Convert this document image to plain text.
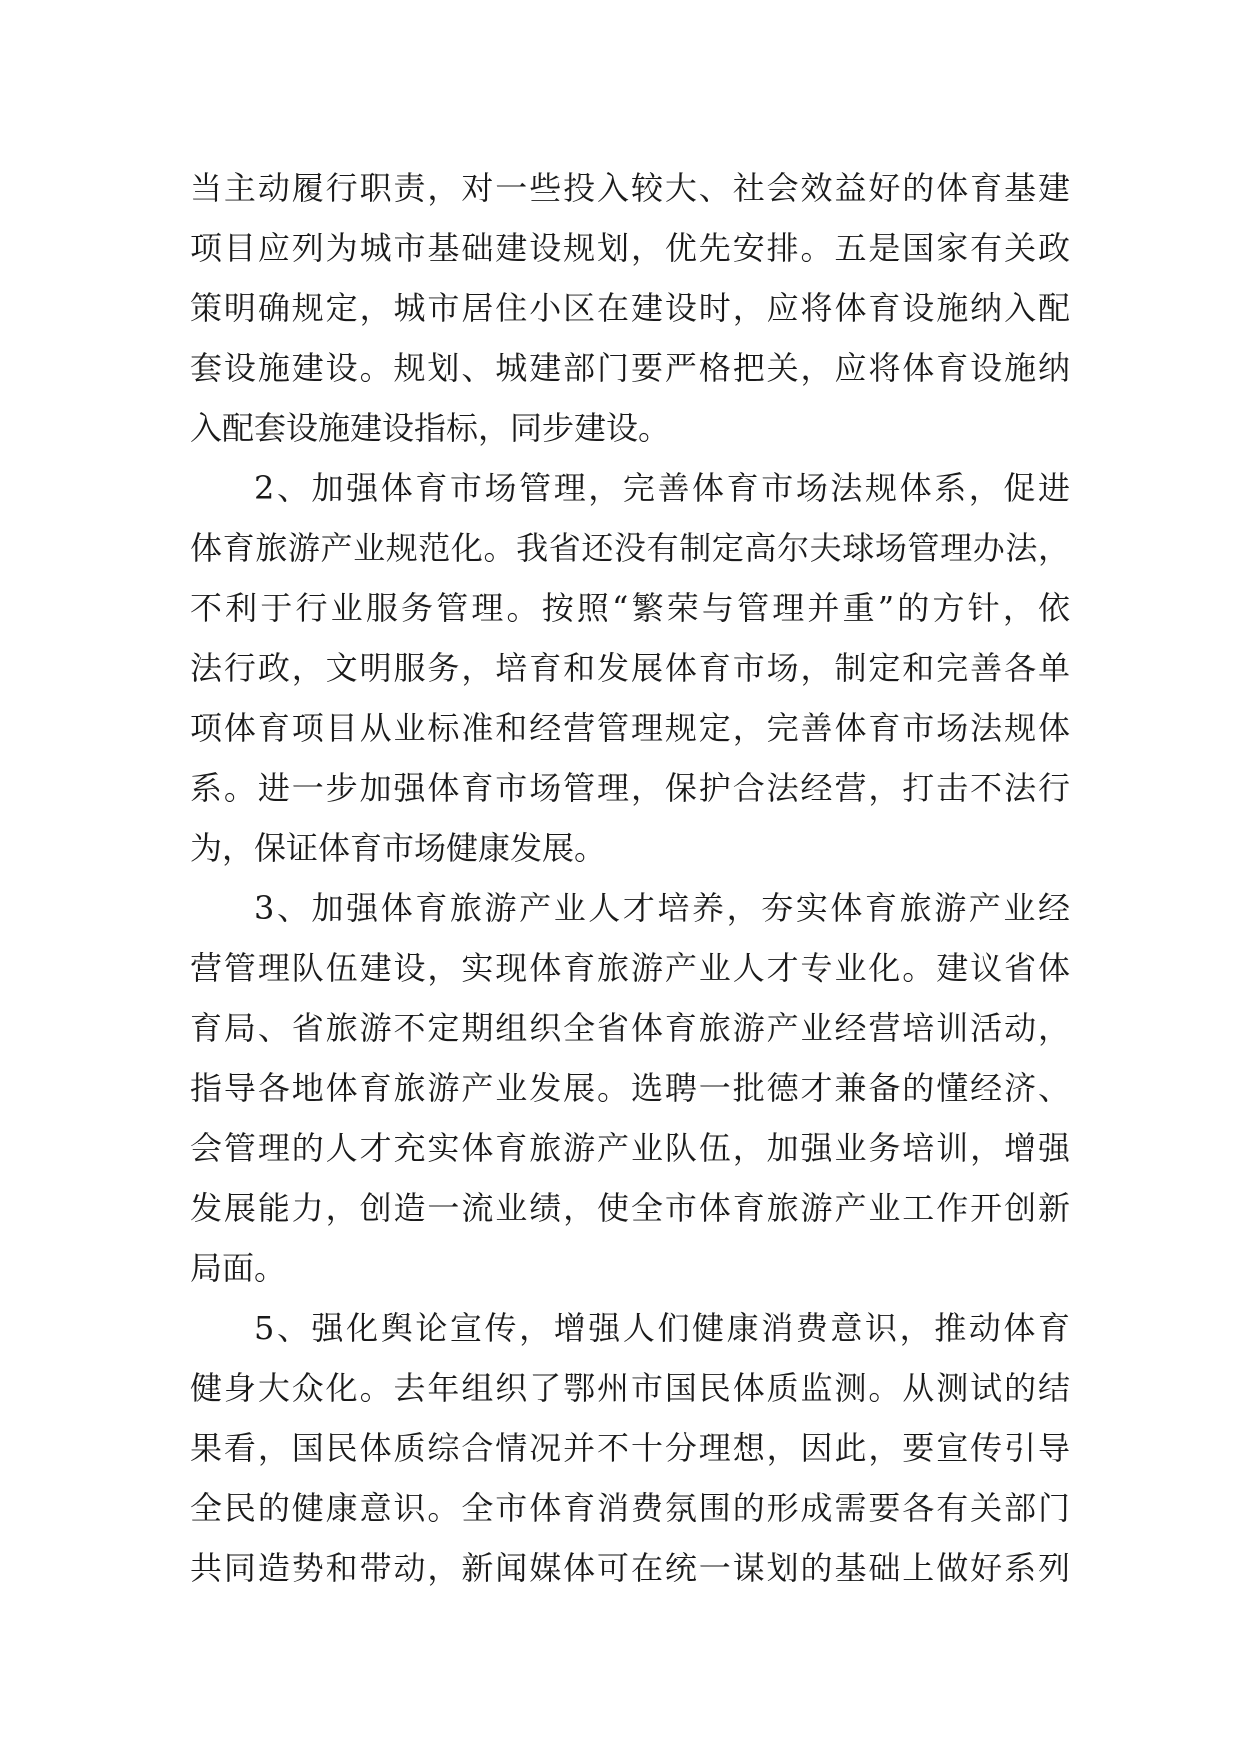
当主动履行职责，对一些投入较大、社会效益好的体育基建
项目应列为城市基础建设规划，优先安排。五是国家有关政
策明确规定，城市居住小区在建设时，应将体育设施纳入配
套设施建设。规划、城建部门要严格把关，应将体育设施纳
入配套设施建设指标，同步建设。
2、加强体育市场管理，完善体育市场法规体系，促进
体育旅游产业规范化。我省还没有制定高尔夫球场管理办法，
不利于行业服务管理。按照“繁荣与管理并重”的方针，依
法行政，文明服务，培育和发展体育市场，制定和完善各单
项体育项目从业标准和经营管理规定，完善体育市场法规体
系。进一步加强体育市场管理，保护合法经营，打击不法行
为，保证体育市场健康发展。
3、加强体育旅游产业人才培养，夯实体育旅游产业经
营管理队伍建设，实现体育旅游产业人才专业化。建议省体
育局、省旅游不定期组织全省体育旅游产业经营培训活动，
指导各地体育旅游产业发展。选聘一批德才兼备的懂经济、
会管理的人才充实体育旅游产业队伍，加强业务培训，增强
发展能力，创造一流业绩，使全市体育旅游产业工作开创新
局面。
5、强化舆论宣传，增强人们健康消费意识，推动体育
健身大众化。去年组织了鄂州市国民体质监测。从测试的结
果看，国民体质综合情况并不十分理想，因此，要宣传引导
全民的健康意识。全市体育消费氛围的形成需要各有关部门
共同造势和带动，新闻媒体可在统一谋划的基础上做好系列
